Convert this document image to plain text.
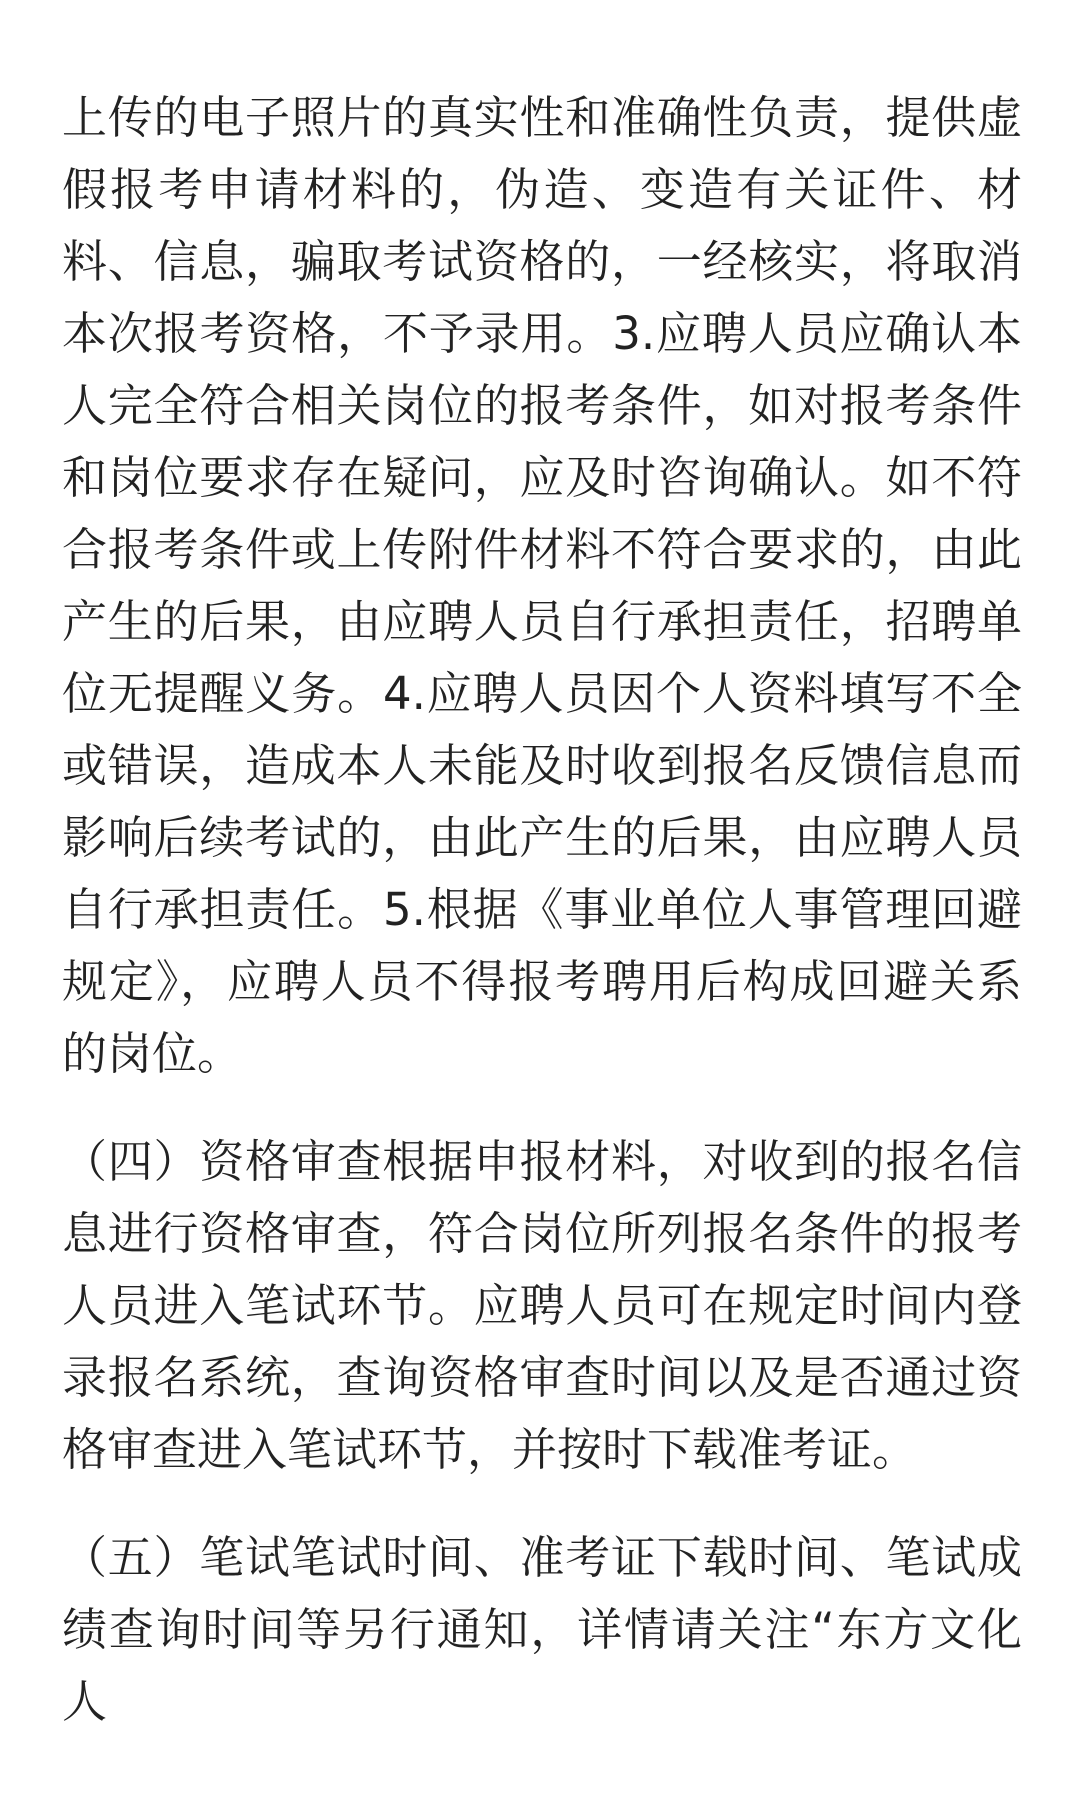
上传的电子照片的真实性和准确性负责，提供虚假报考申请材料的，伪造、变造有关证件、材料、信息，骗取考试资格的，一经核实，将取消本次报考资格，不予录用。3.应聘人员应确认本人完全符合相关岗位的报考条件，如对报考条件和岗位要求存在疑问，应及时咨询确认。如不符合报考条件或上传附件材料不符合要求的，由此产生的后果，由应聘人员自行承担责任，招聘单位无提醒义务。4.应聘人员因个人资料填写不全或错误，造成本人未能及时收到报名反馈信息而影响后续考试的，由此产生的后果，由应聘人员自行承担责任。5.根据《事业单位人事管理回避规定》，应聘人员不得报考聘用后构成回避关系的岗位。

（四）资格审查根据申报材料，对收到的报名信息进行资格审查，符合岗位所列报名条件的报考人员进入笔试环节。应聘人员可在规定时间内登录报名系统，查询资格审查时间以及是否通过资格审查进入笔试环节，并按时下载准考证。

（五）笔试笔试时间、准考证下载时间、笔试成绩查询时间等另行通知，详情请关注“东方文化人
